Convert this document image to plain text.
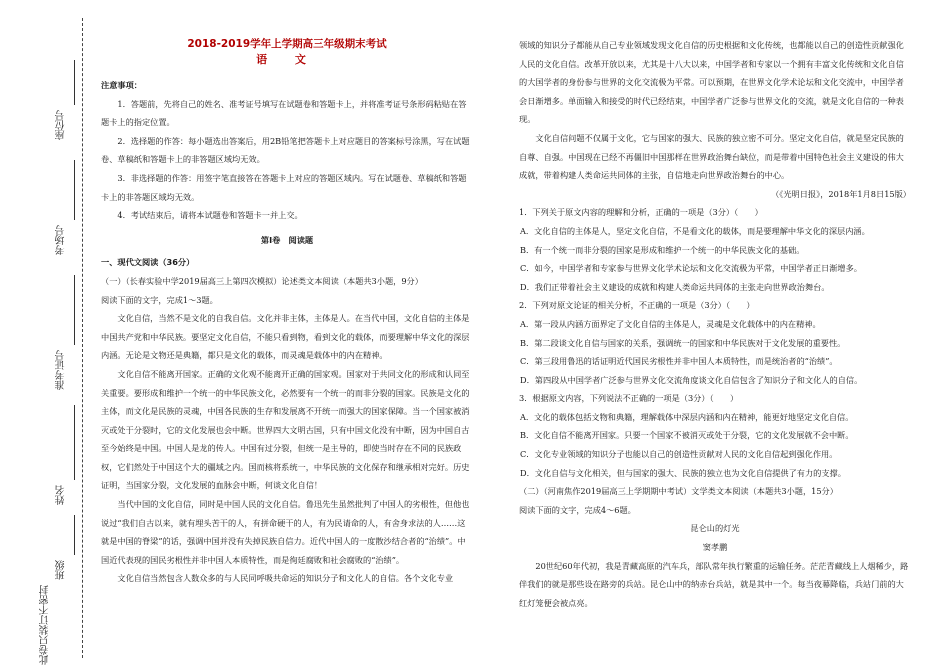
座位号
考场号
准考证号
姓名
班级
此卷只装订不密封

2018-2019学年上学期高三年级期末考试

语 文

注意事项：

1．答题前，先将自己的姓名、准考证号填写在试题卷和答题卡上，并将准考证号条形码粘贴在答题卡上的指定位置。

2．选择题的作答：每小题选出答案后，用2B铅笔把答题卡上对应题目的答案标号涂黑，写在试题卷、草稿纸和答题卡上的非答题区域均无效。

3．非选择题的作答：用签字笔直接答在答题卡上对应的答题区域内。写在试题卷、草稿纸和答题卡上的非答题区域均无效。

4．考试结束后，请将本试题卷和答题卡一并上交。

第Ⅰ卷　阅读题

一、现代文阅读（36分）

（一）（长春实验中学2019届高三上第四次模拟）论述类文本阅读（本题共3小题，9分）

阅读下面的文字，完成1～3题。

文化自信，当然不是文化的自我自信。文化并非主体，主体是人。在当代中国，文化自信的主体是中国共产党和中华民族。要坚定文化自信，不能只看到物，看到文化的载体，而要理解中华文化的深层内涵。无论是文物还是典籍，都只是文化的载体，而灵魂是载体中的内在精神。

文化自信不能离开国家。正确的文化观不能离开正确的国家观。国家对于共同文化的形成和认同至关重要。要形成和维护一个统一的中华民族文化，必然要有一个统一的而非分裂的国家。民族是文化的主体，而文化是民族的灵魂，中国各民族的生存和发展离不开统一而强大的国家保障。当一个国家被消灭或处于分裂时，它的文化发展也会中断。世界四大文明古国，只有中国文化没有中断，因为中国自古至今始终是中国。中国人是龙的传人。中国有过分裂，但统一是主导的，即使当时存在不同的民族政权，它们然处于中国这个大的疆域之内。国而核将系统一，中华民族的文化保存和继承相对完好。历史证明，当国家分裂，文化发展的血脉会中断，何谈文化自信！

当代中国的文化自信，同时是中国人民的文化自信。鲁迅先生虽然批判了中国人的劣根性，但他也说过“我们自古以来，就有埋头苦干的人，有拼命硬干的人，有为民请命的人，有舍身求法的人……这就是中国的脊梁”的话，强调中国并没有失掉民族自信力。近代中国人的一度散沙结合者的“治绩”。中国近代表现的国民劣根性并非中国人本质特性，而是徇廷腐败和社会腐败的“治绩”。

文化自信当然包含人数众多的与人民同呼吸共命运的知识分子和文化人的自信。各个文化专业

领域的知识分子都能从自己专业领域发现文化自信的历史根据和文化传统，也都能以自己的创造性贡献强化人民的文化自信。改革开放以来，尤其是十八大以来，中国学者和专家以一个拥有丰富文化传统和文化自信的大国学者的身份参与世界的文化交流极为平常。可以预期，在世界文化学术论坛和文化交流中，中国学者会日渐增多。单面输入和接受的时代已经结束，中国学者广泛参与世界文化的交流，就是文化自信的一种表现。

文化自信问题不仅属于文化，它与国家的强大、民族的独立密不可分。坚定文化自信，就是坚定民族的自尊、自强。中国现在已经不再僵旧中国那样在世界政治舞台缺位，而是带着中国特色社会主义建设的伟大成就，带着构建人类命运共同体的主张，自信地走向世界政治舞台的中心。

（《光明日报》，2018年1月8日15版）

1．下列关于原文内容的理解和分析，正确的一项是（3分）（　　）

A．文化自信的主体是人，坚定文化自信，不是看文化的载体，而是要理解中华文化的深层内涵。

B．有一个统一而非分裂的国家是形成和维护一个统一的中华民族文化的基础。

C．如今，中国学者和专家参与世界文化学术论坛和文化交流极为平常，中国学者正日渐增多。

D．我们正带着社会主义建设的成就和构建人类命运共同体的主张走向世界政治舞台。

2．下列对原文论证的相关分析，不正确的一项是（3分）（　　）

A．第一段从内涵方面界定了文化自信的主体是人，灵魂是文化载体中的内在精神。

B．第二段谈文化自信与国家的关系，强调统一的国家和中华民族对于文化发展的重要性。

C．第三段用鲁迅的话证明近代国民劣根性并非中国人本质特性，而是统治者的“治绩”。

D．第四段从中国学者广泛参与世界文化交流角度谈文化自信包含了知识分子和文化人的自信。

3．根据原文内容，下列说法不正确的一项是（3分）（　　）

A．文化的载体包括文物和典籍，理解载体中深层内涵和内在精神，能更好地坚定文化自信。

B．文化自信不能离开国家。只要一个国家不被消灭或处于分裂，它的文化发展就不会中断。

C．文化专业领域的知识分子也能以自己的创造性贡献对人民的文化自信起到强化作用。

D．文化自信与文化相关，但与国家的强大、民族的独立也为文化自信提供了有力的支撑。

（二）（河南焦作2019届高三上学期期中考试）文学类文本阅读（本题共3小题，15分）

阅读下面的文字，完成4～6题。

昆仑山的灯光

窦孝鹏

20世纪60年代初，我是青藏高原的汽车兵，部队常年执行繁重的运输任务。茫茫青藏线上人烟稀少，路伴我们的就是那些设在路旁的兵站。昆仑山中的纳赤台兵站，就是其中一个。每当夜幕降临，兵站门前的大红灯笼便会被点亮。
